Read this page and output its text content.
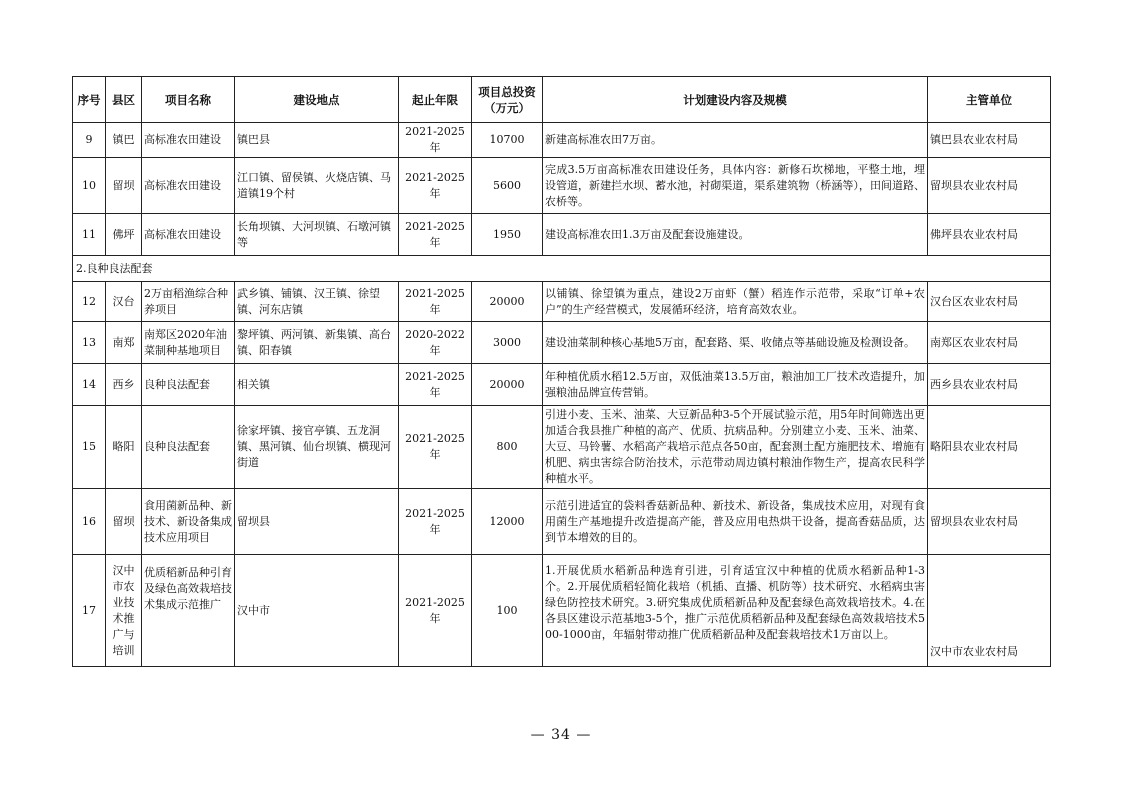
序号	县区	项目名称	建设地点	起止年限	项目总投资（万元）	计划建设内容及规模	主管单位
9	镇巴	高标准农田建设	镇巴县	2021-2025年	10700	新建高标准农田7万亩。	镇巴县农业农村局
10	留坝	高标准农田建设	江口镇、留侯镇、火烧店镇、马道镇19个村	2021-2025年	5600	完成3.5万亩高标准农田建设任务，具体内容：新修石坎梯地，平整土地，埋设管道，新建拦水坝、蓄水池，衬砌渠道，渠系建筑物（桥涵等），田间道路、农桥等。	留坝县农业农村局
11	佛坪	高标准农田建设	长角坝镇、大河坝镇、石墩河镇等	2021-2025年	1950	建设高标准农田1.3万亩及配套设施建设。	佛坪县农业农村局
2.良种良法配套							
12	汉台	2万亩稻渔综合种养项目	武乡镇、铺镇、汉王镇、徐望镇、河东店镇	2021-2025年	20000	以铺镇、徐望镇为重点，建设2万亩虾（蟹）稻连作示范带，采取“订单+农户”的生产经营模式，发展循环经济，培育高效农业。	汉台区农业农村局
13	南郑	南郑区2020年油菜制种基地项目	黎坪镇、两河镇、新集镇、高台镇、阳春镇	2020-2022年	3000	建设油菜制种核心基地5万亩，配套路、渠、收储点等基础设施及检测设备。	南郑区农业农村局
14	西乡	良种良法配套	相关镇	2021-2025年	20000	年种植优质水稻12.5万亩，双低油菜13.5万亩，粮油加工厂技术改造提升，加强粮油品牌宣传营销。	西乡县农业农村局
15	略阳	良种良法配套	徐家坪镇、接官亭镇、五龙洞镇、黑河镇、仙台坝镇、横现河街道	2021-2025年	800	引进小麦、玉米、油菜、大豆新品种3-5个开展试验示范，用5年时间筛选出更加适合我县推广种植的高产、优质、抗病品种。分别建立小麦、玉米、油菜、大豆、马铃薯、水稻高产栽培示范点各50亩，配套测土配方施肥技术、增施有机肥、病虫害综合防治技术，示范带动周边镇村粮油作物生产，提高农民科学种植水平。	略阳县农业农村局
16	留坝	食用菌新品种、新技术、新设备集成技术应用项目	留坝县	2021-2025年	12000	示范引进适宜的袋料香菇新品种、新技术、新设备，集成技术应用，对现有食用菌生产基地提升改造提高产能，普及应用电热烘干设备，提高香菇品质，达到节本增效的目的。	留坝县农业农村局
17	汉中市农业技术推广与培训	优质稻新品种引育及绿色高效栽培技术集成示范推广	汉中市	2021-2025年	100	1.开展优质水稻新品种选育引进，引育适宜汉中种植的优质水稻新品种1-3个。2.开展优质稻轻简化栽培（机插、直播、机防等）技术研究、水稻病虫害绿色防控技术研究。3.研究集成优质稻新品种及配套绿色高效栽培技术。4.在各县区建设示范基地3-5个，推广示范优质稻新品种及配套绿色高效栽培技术500-1000亩，年辐射带动推广优质稻新品种及配套栽培技术1万亩以上。	汉中市农业农村局
— 34 —
